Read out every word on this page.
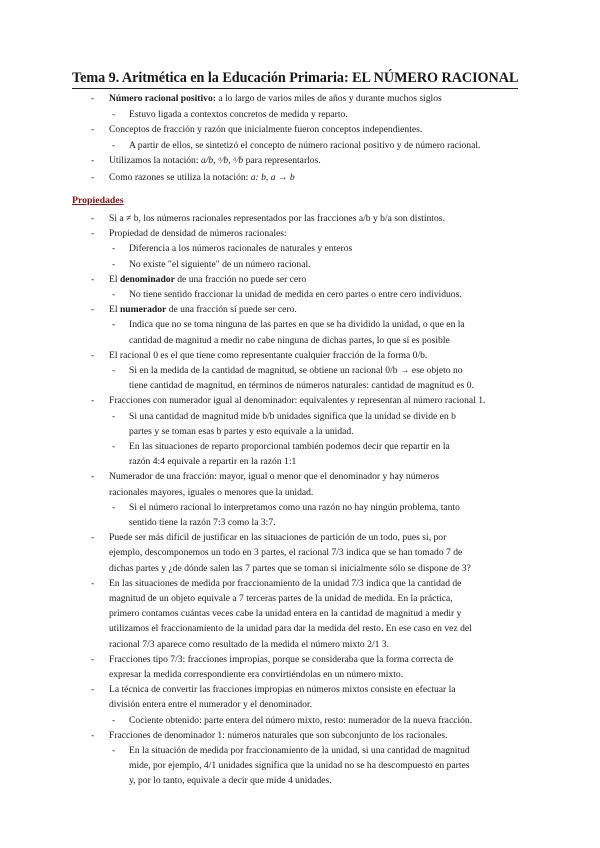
Tema 9. Aritmética en la Educación Primaria: EL NÚMERO RACIONAL
- Número racional positivo: a lo largo de varios miles de años y durante muchos siglos
- Estuvo ligada a contextos concretos de medida y reparto.
- Conceptos de fracción y razón que inicialmente fueron conceptos independientes.
- A partir de ellos, se sintetizó el concepto de número racional positivo y de número racional.
- Utilizamos la notación: a/b, ᵃ⁄b, ᵃ⁄b para representarlos.
- Como razones se utiliza la notación: a: b, a → b
Propiedades
- Si a ≠ b, los números racionales representados por las fracciones a/b y b/a son distintos.
- Propiedad de densidad de números racionales:
- Diferencia a los números racionales de naturales y enteros
- No existe "el siguiente" de un número racional.
- El denominador de una fracción no puede ser cero
- No tiene sentido fraccionar la unidad de medida en cero partes o entre cero individuos.
- El numerador de una fracción sí puede ser cero.
- Indica que no se toma ninguna de las partes en que se ha dividido la unidad, o que en la
cantidad de magnitud a medir no cabe ninguna de dichas partes, lo que sí es posible
- El racional 0 es el que tiene como representante cualquier fracción de la forma 0/b.
- Si en la medida de la cantidad de magnitud, se obtiene un racional 0/b → ese objeto no
tiene cantidad de magnitud, en términos de números naturales: cantidad de magnitud es 0.
- Fracciones con numerador igual al denominador: equivalentes y representan al número racional 1.
- Si una cantidad de magnitud mide b/b unidades significa que la unidad se divide en b
partes y se toman esas b partes y esto equivale a la unidad.
- En las situaciones de reparto proporcional también podemos decir que repartir en la
razón 4:4 equivale a repartir en la razón 1:1
- Numerador de una fracción: mayor, igual o menor que el denominador y hay números
racionales mayores, iguales o menores que la unidad.
- Si el número racional lo interpretamos como una razón no hay ningún problema, tanto
sentido tiene la razón 7:3 como la 3:7.
- Puede ser más difícil de justificar en las situaciones de partición de un todo, pues si, por
ejemplo, descomponemos un todo en 3 partes, el racional 7/3 indica que se han tomado 7 de
dichas partes y ¿de dónde salen las 7 partes que se toman si inicialmente sólo se dispone de 3?
- En las situaciones de medida por fraccionamiento de la unidad 7/3 indica que la cantidad de
magnitud de un objeto equivale a 7 terceras partes de la unidad de medida. En la práctica,
primero contamos cuántas veces cabe la unidad entera en la cantidad de magnitud a medir y
utilizamos el fraccionamiento de la unidad para dar la medida del resto. En ese caso en vez del
racional 7/3 aparece como resultado de la medida el número mixto 2/1 3.
- Fracciones tipo 7/3: fracciones impropias, porque se consideraba que la forma correcta de
expresar la medida correspondiente era convirtiéndolas en un número mixto.
- La técnica de convertir las fracciones impropias en números mixtos consiste en efectuar la
división entera entre el numerador y el denominador.
- Cociente obtenido: parte entera del número mixto, resto: numerador de la nueva fracción.
- Fracciones de denominador 1: números naturales que son subconjunto de los racionales.
- En la situación de medida por fraccionamiento de la unidad, si una cantidad de magnitud
mide, por ejemplo, 4/1 unidades significa que la unidad no se ha descompuesto en partes
y, por lo tanto, equivale a decir que mide 4 unidades.
